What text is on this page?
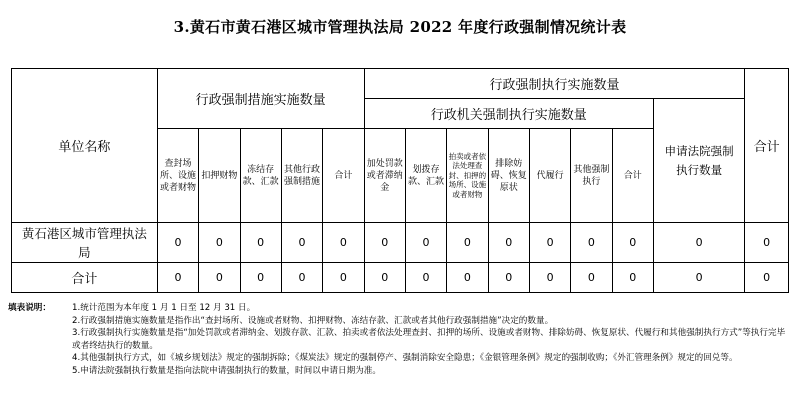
3.黄石市黄石港区城市管理执法局 2022 年度行政强制情况统计表
单位名称	行政强制措施实施数量					行政强制执行实施数量								合计
						行政机关强制执行实施数量							申请法院强制执行数量	
	查封场所、设施或者财物	扣押财物	冻结存款、汇款	其他行政强制措施	合计	加处罚款或者滞纳金	划拨存款、汇款	拍卖或者依法处理查封、扣押的场所、设施或者财物	排除妨碍、恢复原状	代履行	其他强制执行	合计		
黄石港区城市管理执法局	0	0	0	0	0	0	0	0	0	0	0	0	0	0
合计	0	0	0	0	0	0	0	0	0	0	0	0	0	0
填表说明：	1.统计范围为本年度 1 月 1 日至 12 月 31 日。
2.行政强制措施实施数量是指作出“查封场所、设施或者财物、扣押财物、冻结存款、汇款或者其他行政强制措施”决定的数量。
3.行政强制执行实施数量是指“加处罚款或者滞纳金、划拨存款、汇款、拍卖或者依法处理查封、扣押的场所、设施或者财物、排除妨碍、恢复原状、代履行和其他强制执行方式”等执行完毕或者终结执行的数量。
4.其他强制执行方式，如《城乡规划法》规定的强制拆除；《煤炭法》规定的强制停产、强制消除安全隐患；《金银管理条例》规定的强制收购；《外汇管理条例》规定的回兑等。
5.申请法院强制执行数量是指向法院申请强制执行的数量，时间以申请日期为准。
